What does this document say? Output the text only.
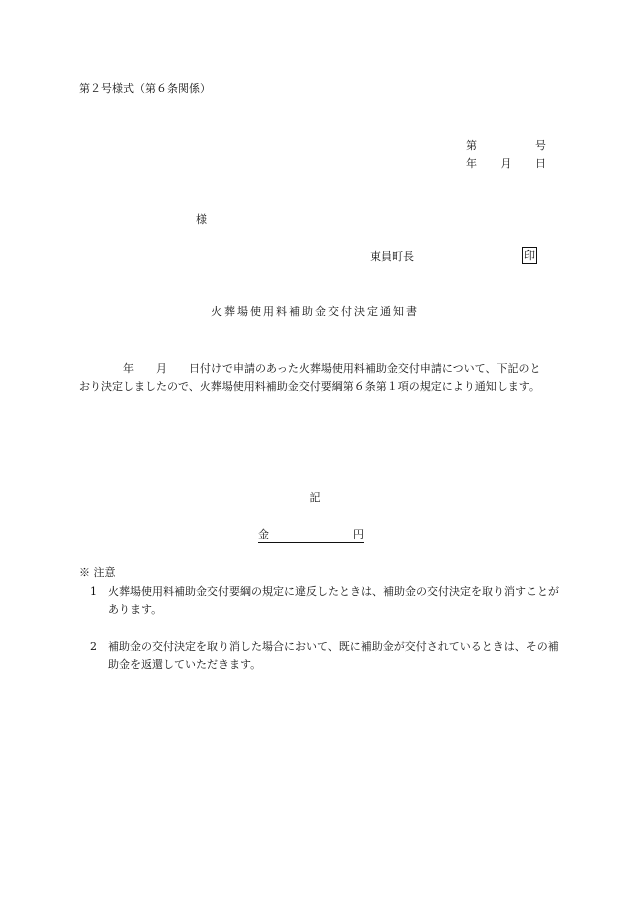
第２号様式（第６条関係）
第	号
年 月 日
様
東員町長	印
火葬場使用料補助金交付決定通知書
年　　月　　日付けで申請のあった火葬場使用料補助金交付申請について、下記のとおり決定しましたので、火葬場使用料補助金交付要綱第６条第１項の規定により通知します。
記
金	円
※ 注意
1　火葬場使用料補助金交付要綱の規定に違反したときは、補助金の交付決定を取り消すことがあります。
2　補助金の交付決定を取り消した場合において、既に補助金が交付されているときは、その補助金を返還していただきます。
